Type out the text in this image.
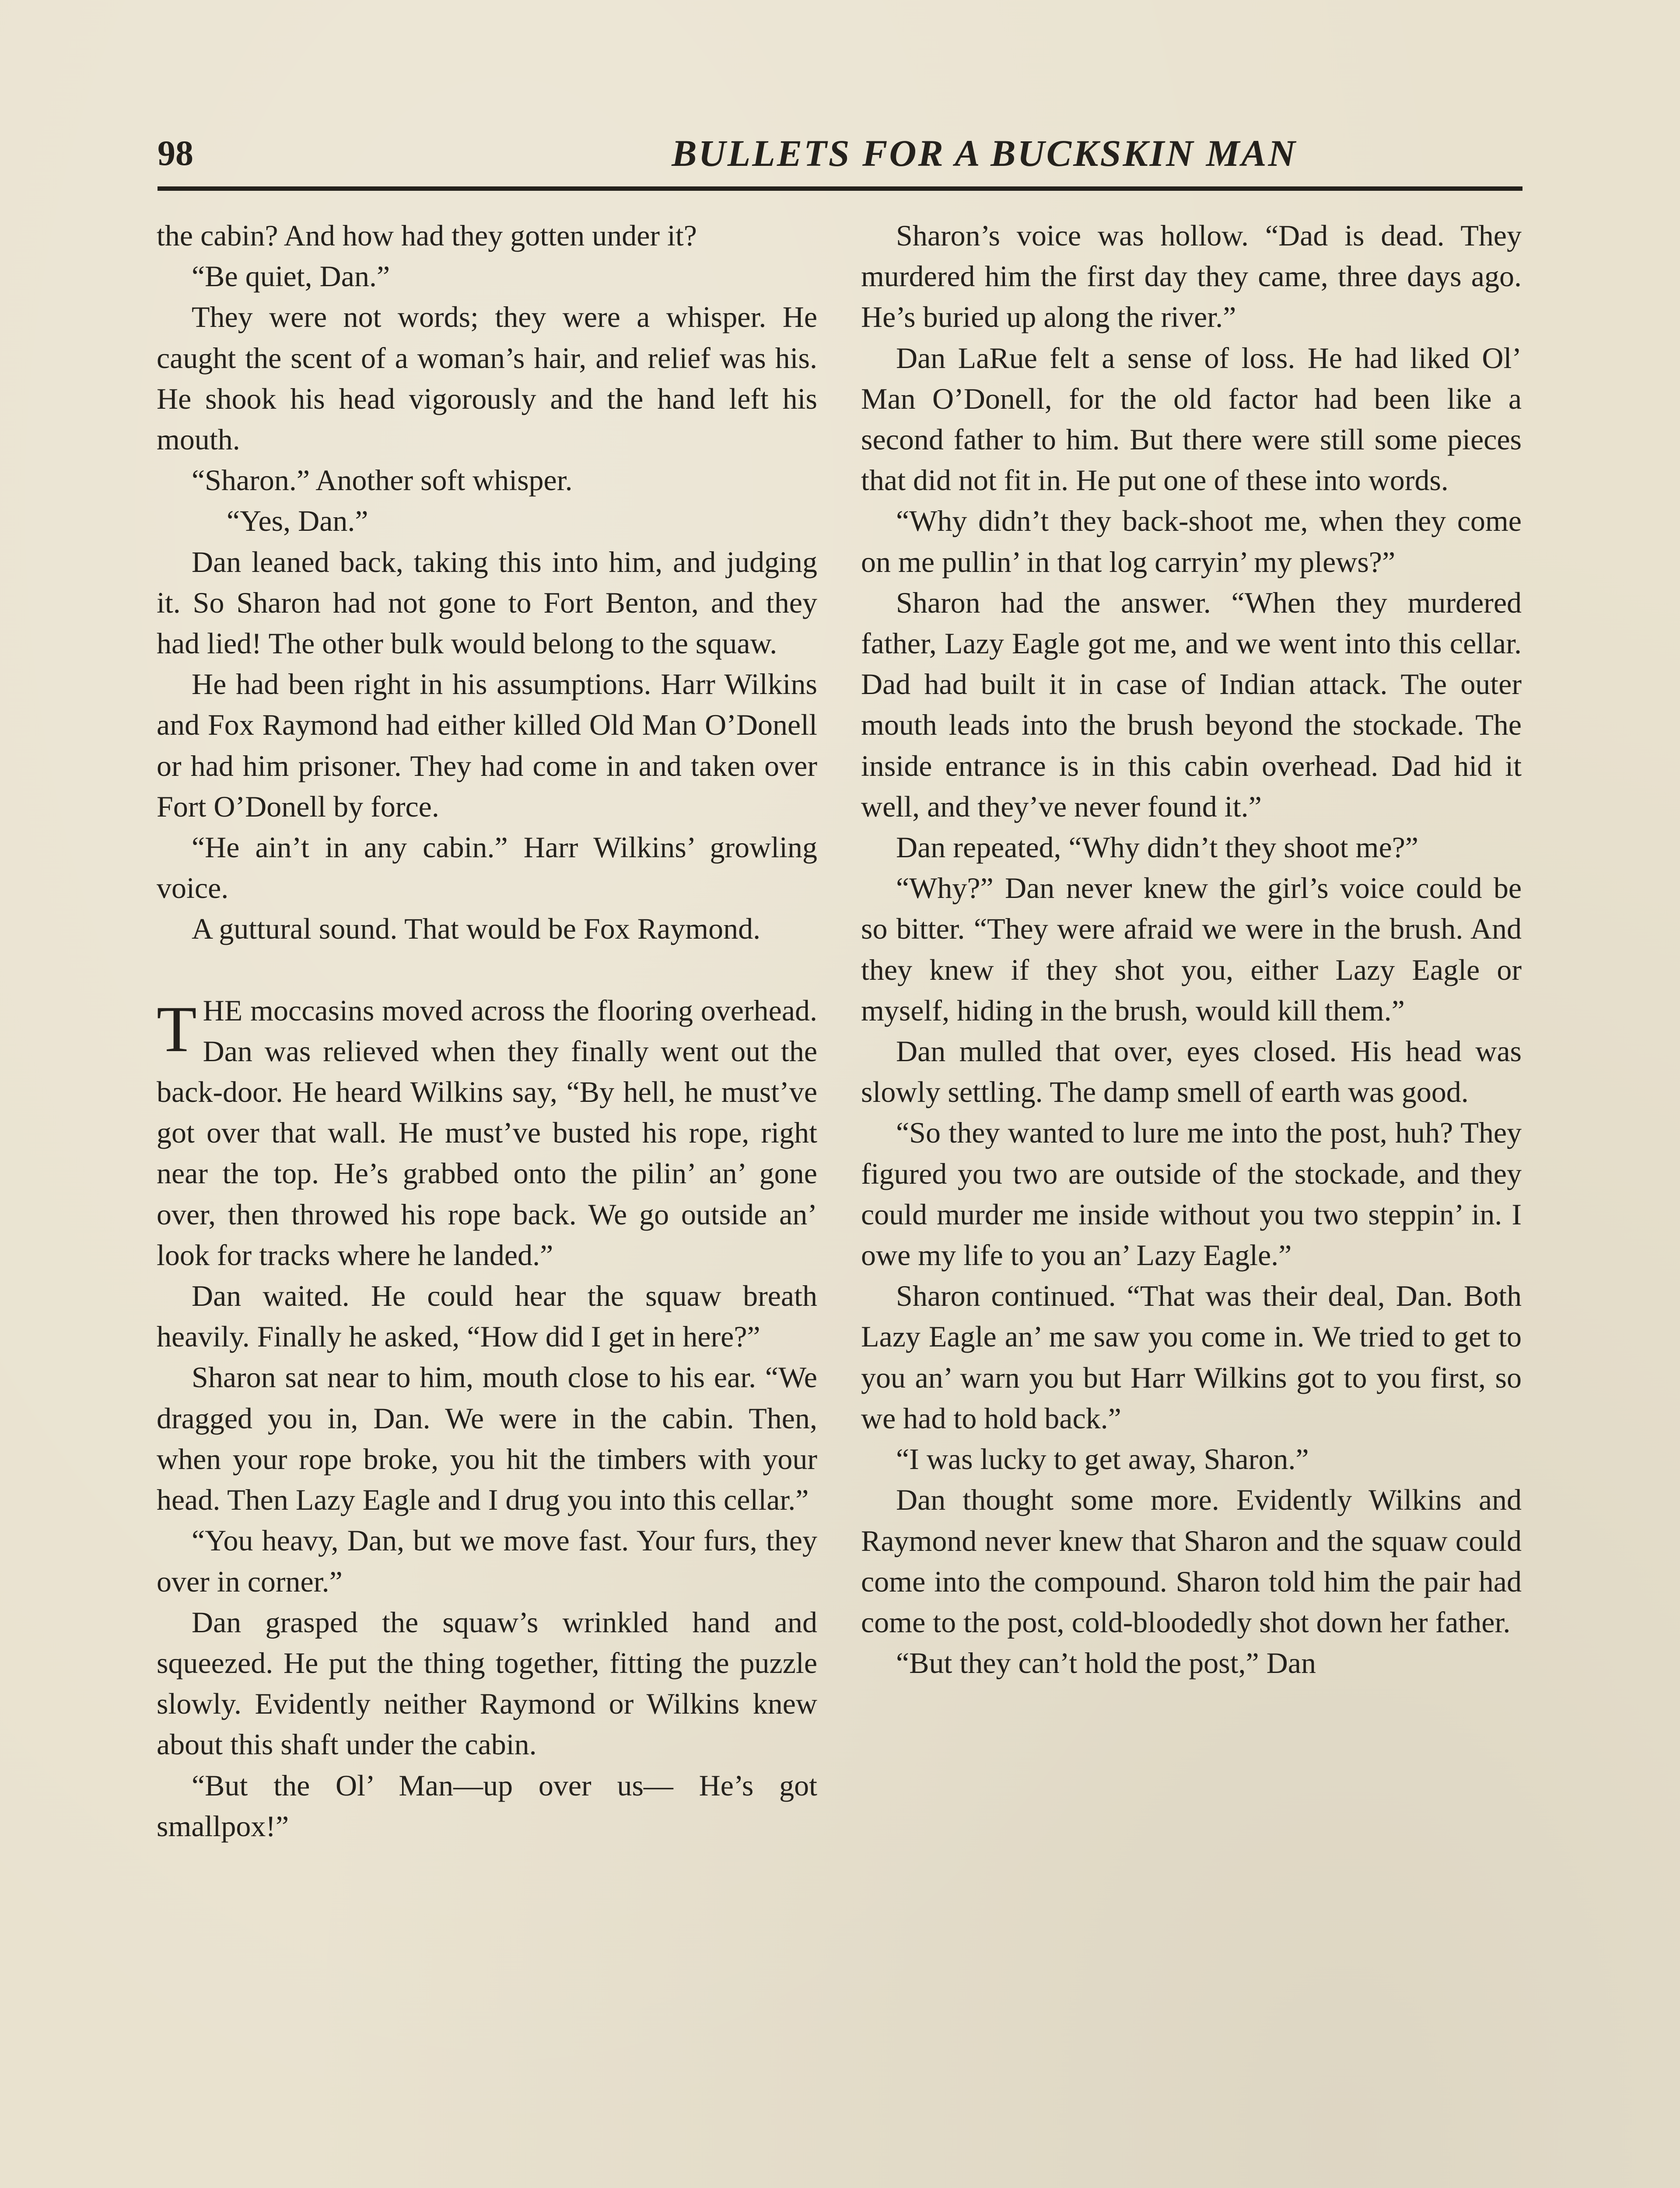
98	BULLETS FOR A BUCKSKIN MAN

the cabin? And how had they gotten under it?

“Be quiet, Dan.”

They were not words; they were a whisper. He caught the scent of a woman’s hair, and relief was his. He shook his head vigorously and the hand left his mouth.

“Sharon.” Another soft whisper.

“Yes, Dan.”

Dan leaned back, taking this into him, and judging it. So Sharon had not gone to Fort Benton, and they had lied! The other bulk would belong to the squaw.

He had been right in his assumptions. Harr Wilkins and Fox Raymond had either killed Old Man O’Donell or had him prisoner. They had come in and taken over Fort O’Donell by force.

“He ain’t in any cabin.” Harr Wilkins’ growling voice.

A guttural sound. That would be Fox Raymond.

THE moccasins moved across the flooring overhead. Dan was relieved when they finally went out the back-door. He heard Wilkins say, “By hell, he must’ve got over that wall. He must’ve busted his rope, right near the top. He’s grabbed onto the pilin’ an’ gone over, then throwed his rope back. We go outside an’ look for tracks where he landed.”

Dan waited. He could hear the squaw breath heavily. Finally he asked, “How did I get in here?”

Sharon sat near to him, mouth close to his ear. “We dragged you in, Dan. We were in the cabin. Then, when your rope broke, you hit the timbers with your head. Then Lazy Eagle and I drug you into this cellar.”

“You heavy, Dan, but we move fast. Your furs, they over in corner.”

Dan grasped the squaw’s wrinkled hand and squeezed. He put the thing together, fitting the puzzle slowly. Evidently neither Raymond or Wilkins knew about this shaft under the cabin.

“But the Ol’ Man—up over us— He’s got smallpox!”

Sharon’s voice was hollow. “Dad is dead. They murdered him the first day they came, three days ago. He’s buried up along the river.”

Dan LaRue felt a sense of loss. He had liked Ol’ Man O’Donell, for the old factor had been like a second father to him. But there were still some pieces that did not fit in. He put one of these into words.

“Why didn’t they back-shoot me, when they come on me pullin’ in that log carryin’ my plews?”

Sharon had the answer. “When they murdered father, Lazy Eagle got me, and we went into this cellar. Dad had built it in case of Indian attack. The outer mouth leads into the brush beyond the stockade. The inside entrance is in this cabin overhead. Dad hid it well, and they’ve never found it.”

Dan repeated, “Why didn’t they shoot me?”

“Why?” Dan never knew the girl’s voice could be so bitter. “They were afraid we were in the brush. And they knew if they shot you, either Lazy Eagle or myself, hiding in the brush, would kill them.”

Dan mulled that over, eyes closed. His head was slowly settling. The damp smell of earth was good.

“So they wanted to lure me into the post, huh? They figured you two are outside of the stockade, and they could murder me inside without you two steppin’ in. I owe my life to you an’ Lazy Eagle.”

Sharon continued. “That was their deal, Dan. Both Lazy Eagle an’ me saw you come in. We tried to get to you an’ warn you but Harr Wilkins got to you first, so we had to hold back.”

“I was lucky to get away, Sharon.”

Dan thought some more. Evidently Wilkins and Raymond never knew that Sharon and the squaw could come into the compound. Sharon told him the pair had come to the post, cold-bloodedly shot down her father.

“But they can’t hold the post,” Dan
